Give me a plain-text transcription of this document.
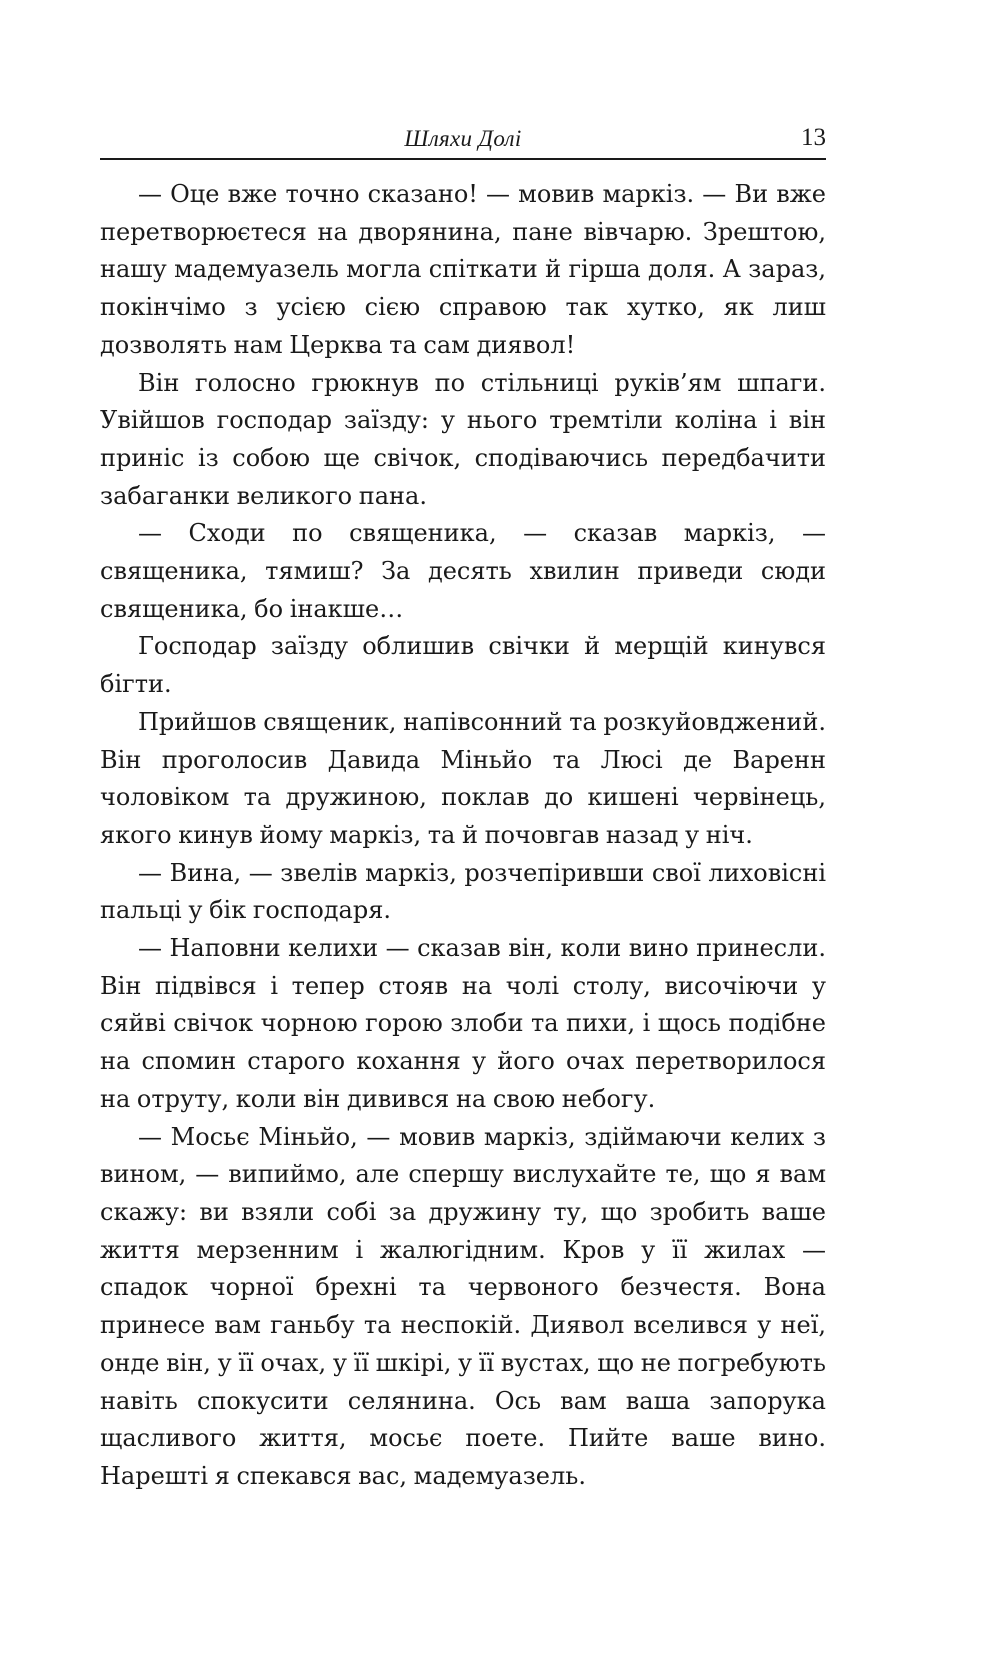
Шляхи Долі	13

— Оце вже точно сказано! — мовив маркіз. — Ви вже перетворюєтеся на дворянина, пане вівчарю. Зрештою, нашу мадемуазель могла спіткати й гірша доля. А зараз, покінчімо з усією сією справою так хутко, як лиш дозволять нам Церква та сам диявол!

Він голосно грюкнув по стільниці руків’ям шпаги. Увійшов господар заїзду: у нього тремтіли коліна і він приніс із собою ще свічок, сподіваючись передбачити забаганки великого пана.

— Сходи по священика, — сказав маркіз, — священика, тямиш? За десять хвилин приведи сюди священика, бо інакше…

Господар заїзду облишив свічки й мерщій кинувся бігти.

Прийшов священик, напівсонний та розкуйовджений. Він проголосив Давида Міньйо та Люсі де Варенн чоловіком та дружиною, поклав до кишені червінець, якого кинув йому маркіз, та й почовгав назад у ніч.

— Вина, — звелів маркіз, розчепіривши свої лиховісні пальці у бік господаря.

— Наповни келихи — сказав він, коли вино принесли. Він підвівся і тепер стояв на чолі столу, височіючи у сяйві свічок чорною горою злоби та пихи, і щось подібне на спомин старого кохання у його очах перетворилося на отруту, коли він дивився на свою небогу.

— Мосьє Міньйо, — мовив маркіз, здіймаючи келих з вином, — випиймо, але спершу вислухайте те, що я вам скажу: ви взяли собі за дружину ту, що зробить ваше життя мерзенним і жалюгідним. Кров у її жилах — спадок чорної брехні та червоного безчестя. Вона принесе вам ганьбу та неспокій. Диявол вселився у неї, онде він, у її очах, у її шкірі, у її вустах, що не погребують навіть спокусити селянина. Ось вам ваша запорука щасливого життя, мосьє поете. Пийте ваше вино. Нарешті я спекався вас, мадемуазель.
